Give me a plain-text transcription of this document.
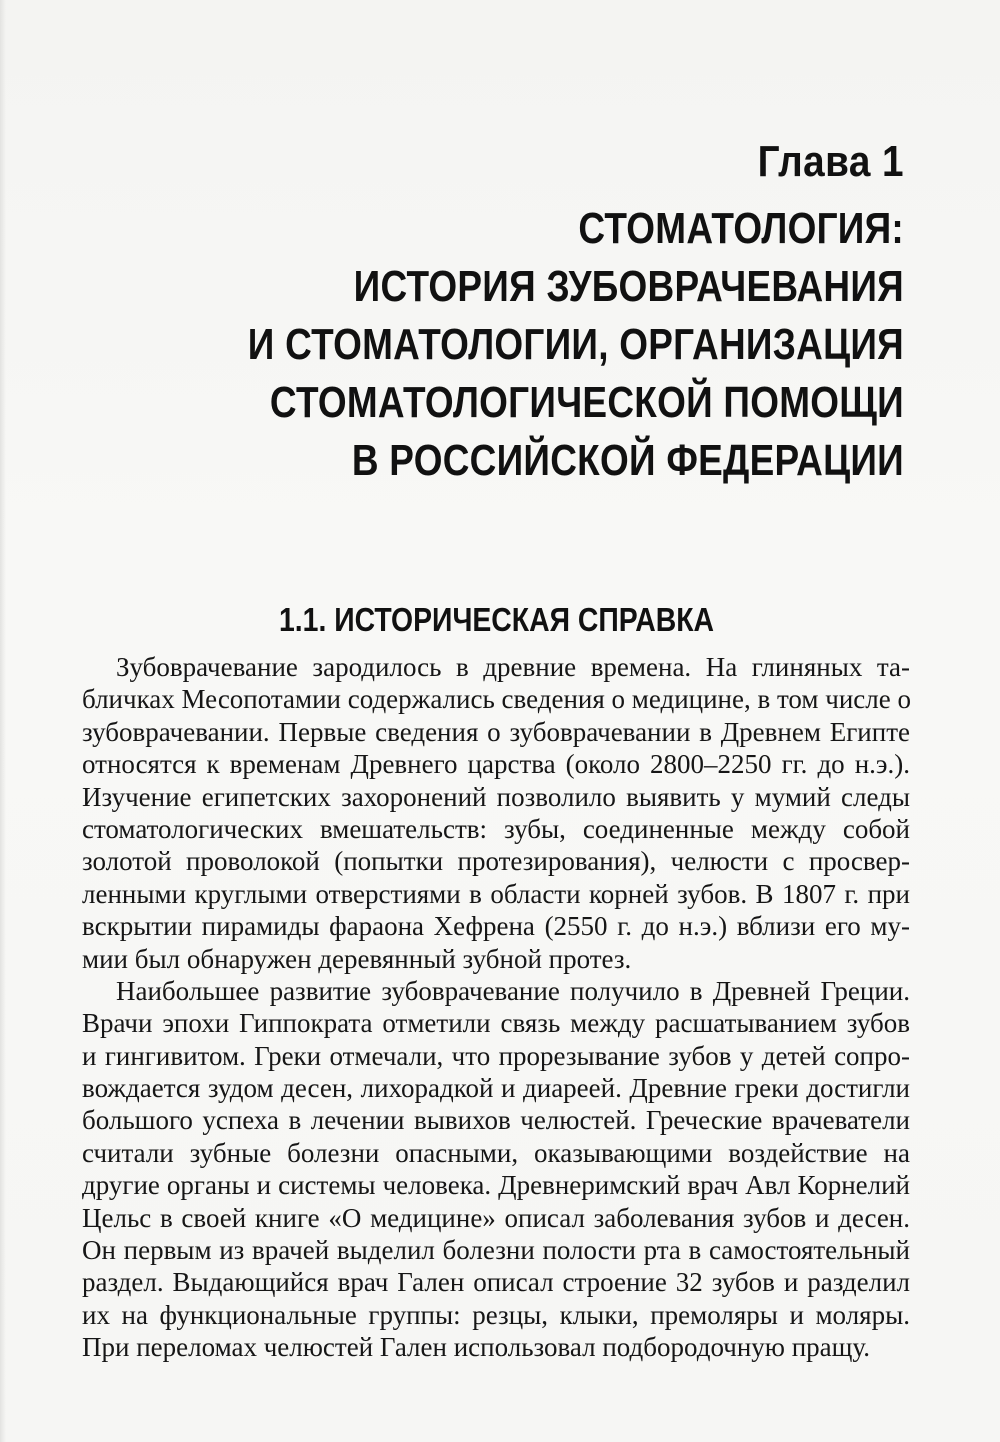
Глава 1
СТОМАТОЛОГИЯ:
ИСТОРИЯ ЗУБОВРАЧЕВАНИЯ
И СТОМАТОЛОГИИ, ОРГАНИЗАЦИЯ
СТОМАТОЛОГИЧЕСКОЙ ПОМОЩИ
В РОССИЙСКОЙ ФЕДЕРАЦИИ
1.1. ИСТОРИЧЕСКАЯ СПРАВКА

Зубоврачевание зародилось в древние времена. На глиняных та-
бличках Месопотамии содержались сведения о медицине, в том числе о
зубоврачевании. Первые сведения о зубоврачевании в Древнем Египте
относятся к временам Древнего царства (около 2800–2250 гг. до н.э.).
Изучение египетских захоронений позволило выявить у мумий следы
стоматологических вмешательств: зубы, соединенные между собой
золотой проволокой (попытки протезирования), челюсти с просвер-
ленными круглыми отверстиями в области корней зубов. В 1807 г. при
вскрытии пирамиды фараона Хефрена (2550 г. до н.э.) вблизи его му-
мии был обнаружен деревянный зубной протез.

Наибольшее развитие зубоврачевание получило в Древней Греции.
Врачи эпохи Гиппократа отметили связь между расшатыванием зубов
и гингивитом. Греки отмечали, что прорезывание зубов у детей сопро-
вождается зудом десен, лихорадкой и диареей. Древние греки достигли
большого успеха в лечении вывихов челюстей. Греческие врачеватели
считали зубные болезни опасными, оказывающими воздействие на
другие органы и системы человека. Древнеримский врач Авл Корнелий
Цельс в своей книге «О медицине» описал заболевания зубов и десен.
Он первым из врачей выделил болезни полости рта в самостоятельный
раздел. Выдающийся врач Гален описал строение 32 зубов и разделил
их на функциональные группы: резцы, клыки, премоляры и моляры.
При переломах челюстей Гален использовал подбородочную пращу.
